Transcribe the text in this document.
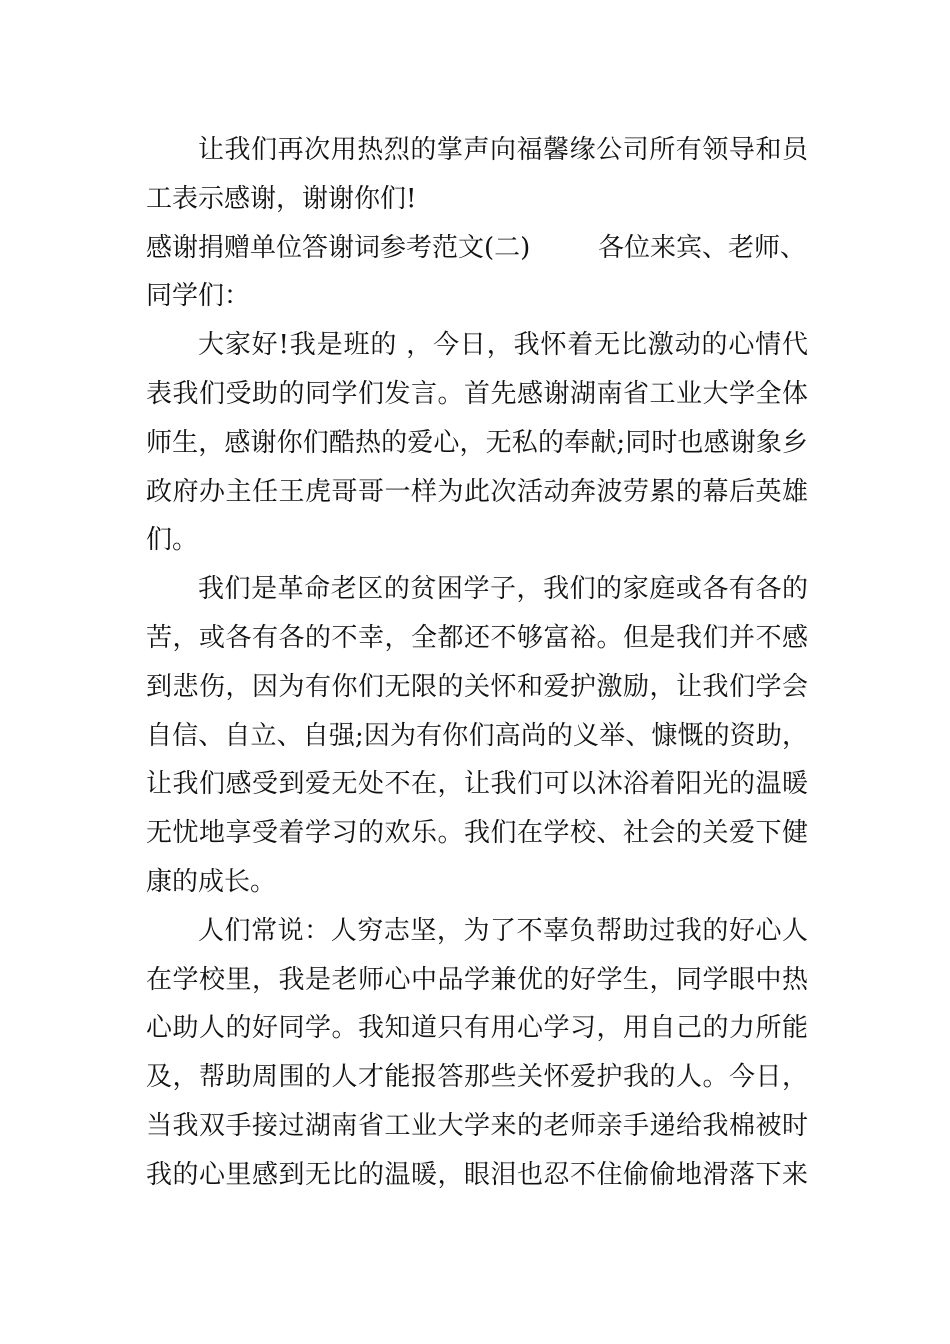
让我们再次用热烈的掌声向福馨缘公司所有领导和员
工表示感谢，谢谢你们!
感谢捐赠单位答谢词参考范文(二)	各位来宾、老师、
同学们：
大家好!我是班的 ，今日，我怀着无比激动的心情代
表我们受助的同学们发言。首先感谢湖南省工业大学全体
师生，感谢你们酷热的爱心，无私的奉献;同时也感谢象乡
政府办主任王虎哥哥一样为此次活动奔波劳累的幕后英雄
们。
我们是革命老区的贫困学子，我们的家庭或各有各的
苦，或各有各的不幸，全都还不够富裕。但是我们并不感
到悲伤，因为有你们无限的关怀和爱护激励，让我们学会
自信、自立、自强;因为有你们高尚的义举、慷慨的资助，
让我们感受到爱无处不在，让我们可以沐浴着阳光的温暖
无忧地享受着学习的欢乐。我们在学校、社会的关爱下健
康的成长。
人们常说：人穷志坚，为了不辜负帮助过我的好心人
在学校里，我是老师心中品学兼优的好学生，同学眼中热
心助人的好同学。我知道只有用心学习，用自己的力所能
及，帮助周围的人才能报答那些关怀爱护我的人。今日，
当我双手接过湖南省工业大学来的老师亲手递给我棉被时
我的心里感到无比的温暖，眼泪也忍不住偷偷地滑落下来
